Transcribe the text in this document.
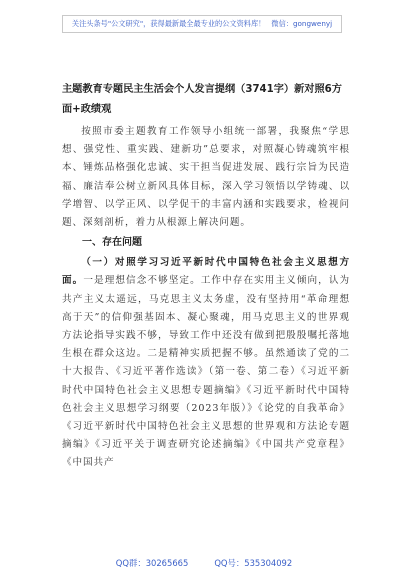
关注头条号"公文研究"，获得最新最全最专业的公文资料库！ 微信：gongwenyj
主题教育专题民主生活会个人发言提纲（3741字）新对照6方面+政绩观

按照市委主题教育工作领导小组统一部署，我聚焦“学思想、强党性、重实践、建新功”总要求，对照凝心铸魂筑牢根本、锤炼品格强化忠诚、实干担当促进发展、践行宗旨为民造福、廉洁奉公树立新风具体目标，深入学习领悟以学铸魂、以学增智、以学正风、以学促干的丰富内涵和实践要求，检视问题、深刻剖析，着力从根源上解决问题。

一、存在问题

（一）对照学习习近平新时代中国特色社会主义思想方面。一是理想信念不够坚定。工作中存在实用主义倾向，认为共产主义太遥远，马克思主义太务虚，没有坚持用“革命理想高于天”的信仰强基固本、凝心聚魂，用马克思主义的世界观方法论指导实践不够，导致工作中还没有做到把殷殷嘱托落地生根在群众这边。二是精神实质把握不够。虽然通读了党的二十大报告、《习近平著作选读》（第一卷、第二卷）《习近平新时代中国特色社会主义思想专题摘编》《习近平新时代中国特色社会主义思想学习纲要（2023年版）》《论党的自我革命》《习近平新时代中国特色社会主义思想的世界观和方法论专题摘编》《习近平关于调查研究论述摘编》《中国共产党章程》《中国共产

QQ群：30265665	QQ号：535304092
